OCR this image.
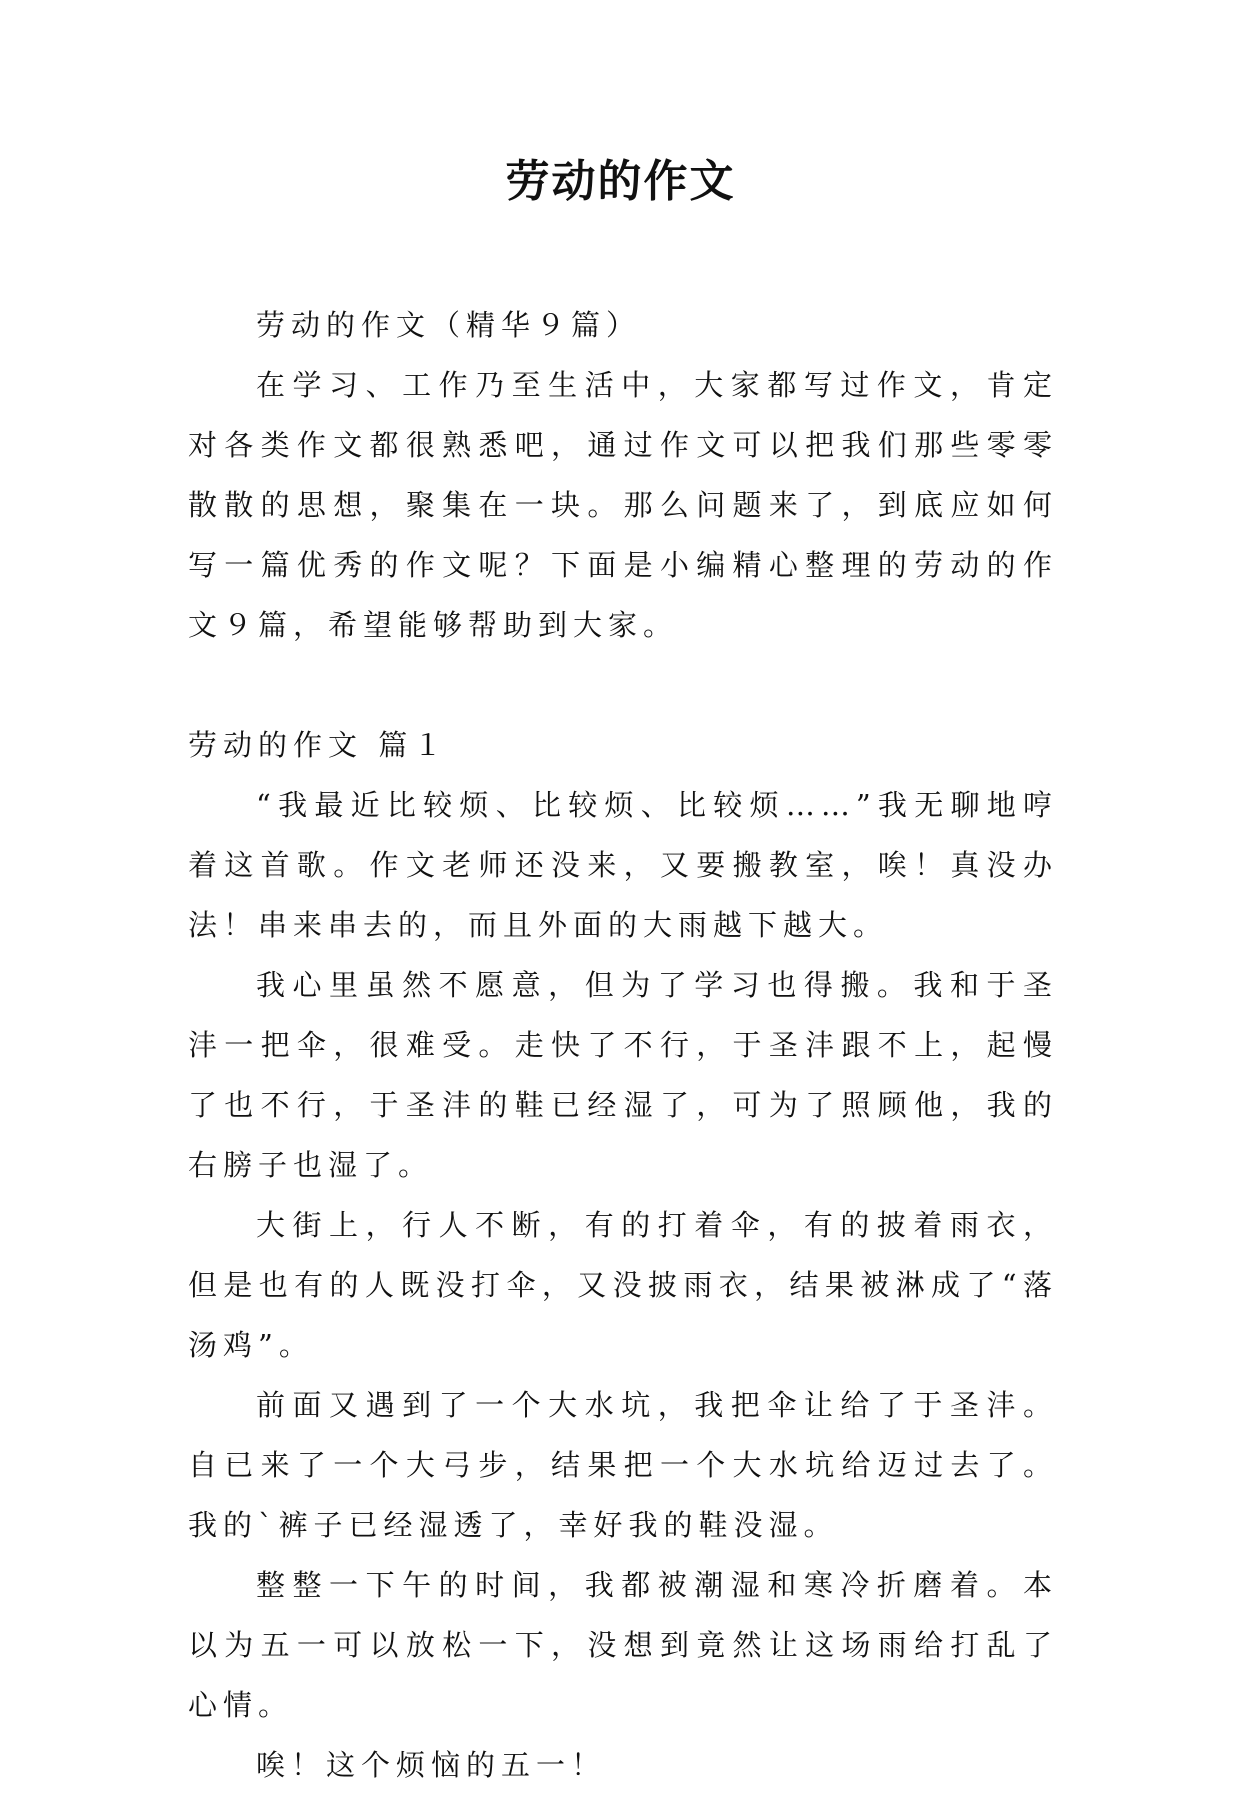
劳动的作文

劳动的作文（精华９篇）

在学习、工作乃至生活中，大家都写过作文，肯定对各类作文都很熟悉吧，通过作文可以把我们那些零零散散的思想，聚集在一块。那么问题来了，到底应如何写一篇优秀的作文呢？下面是小编精心整理的劳动的作文９篇，希望能够帮助到大家。

劳动的作文 篇１

“我最近比较烦、比较烦、比较烦……”我无聊地哼着这首歌。作文老师还没来，又要搬教室，唉！真没办法！串来串去的，而且外面的大雨越下越大。

我心里虽然不愿意，但为了学习也得搬。我和于圣沣一把伞，很难受。走快了不行，于圣沣跟不上，起慢了也不行，于圣沣的鞋已经湿了，可为了照顾他，我的右膀子也湿了。

大街上，行人不断，有的打着伞，有的披着雨衣，但是也有的人既没打伞，又没披雨衣，结果被淋成了“落汤鸡”。

前面又遇到了一个大水坑，我把伞让给了于圣沣。自已来了一个大弓步，结果把一个大水坑给迈过去了。我的`裤子已经湿透了，幸好我的鞋没湿。

整整一下午的时间，我都被潮湿和寒冷折磨着。本以为五一可以放松一下，没想到竟然让这场雨给打乱了心情。

唉！这个烦恼的五一！
